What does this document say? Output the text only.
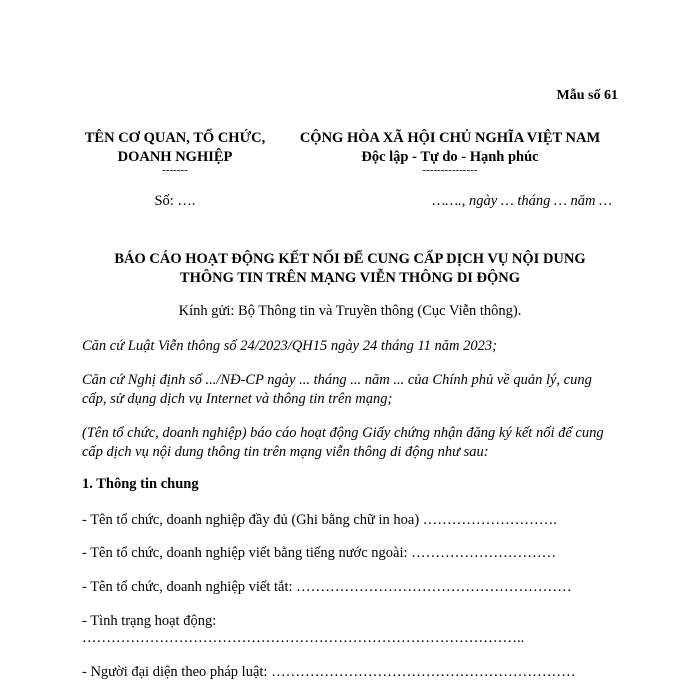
Mẫu số 61
TÊN CƠ QUAN, TỔ CHỨC,
DOANH NGHIỆP
-------
Số: ….
CỘNG HÒA XÃ HỘI CHỦ NGHĨA VIỆT NAM
Độc lập - Tự do - Hạnh phúc
---------------
……., ngày … tháng … năm …
BÁO CÁO HOẠT ĐỘNG KẾT NỐI ĐỂ CUNG CẤP DỊCH VỤ NỘI DUNG
THÔNG TIN TRÊN MẠNG VIỄN THÔNG DI ĐỘNG
Kính gửi: Bộ Thông tin và Truyền thông (Cục Viễn thông).
Căn cứ Luật Viễn thông số 24/2023/QH15 ngày 24 tháng 11 năm 2023;
Căn cứ Nghị định số .../NĐ-CP ngày ... tháng ... năm ... của Chính phủ về quản lý, cung
cấp, sử dụng dịch vụ Internet và thông tin trên mạng;
(Tên tổ chức, doanh nghiệp) báo cáo hoạt động Giấy chứng nhận đăng ký kết nối để cung
cấp dịch vụ nội dung thông tin trên mạng viễn thông di động như sau:
1. Thông tin chung
- Tên tổ chức, doanh nghiệp đầy đủ (Ghi bằng chữ in hoa) ……………………….
- Tên tổ chức, doanh nghiệp viết bằng tiếng nước ngoài: …………………………
- Tên tổ chức, doanh nghiệp viết tắt: …………………………………………………
- Tình trạng hoạt động:
………………………………………………………………………………..
- Người đại diện theo pháp luật: ………………………………………………………
